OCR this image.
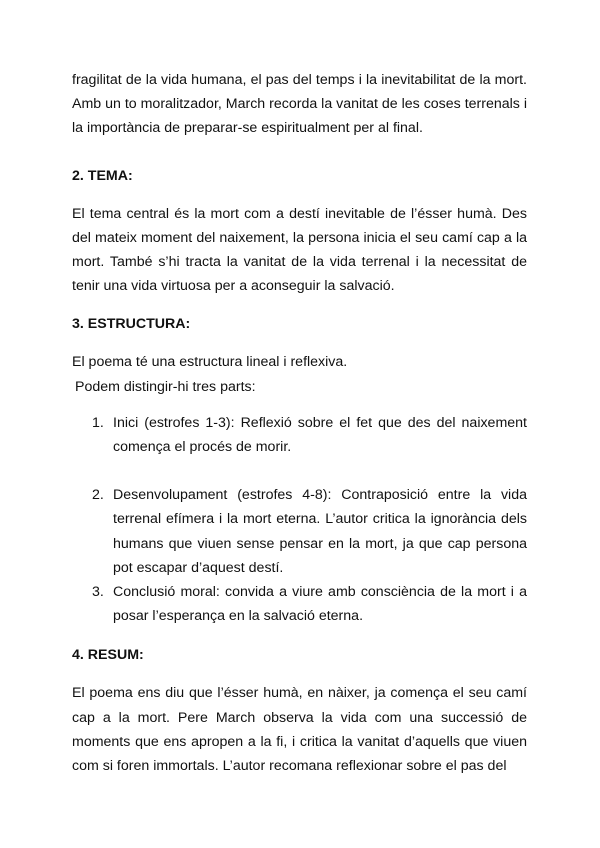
fragilitat de la vida humana, el pas del temps i la inevitabilitat de la mort. Amb un to moralitzador, March recorda la vanitat de les coses terrenals i la importància de preparar-se espiritualment per al final.

2. TEMA:

El tema central és la mort com a destí inevitable de l’ésser humà. Des del mateix moment del naixement, la persona inicia el seu camí cap a la mort. També s’hi tracta la vanitat de la vida terrenal i la necessitat de tenir una vida virtuosa per a aconseguir la salvació.

3. ESTRUCTURA:

El poema té una estructura lineal i reflexiva.

Podem distingir-hi tres parts:

1. Inici (estrofes 1-3): Reflexió sobre el fet que des del naixement comença el procés de morir.
2. Desenvolupament (estrofes 4-8): Contraposició entre la vida terrenal efímera i la mort eterna. L’autor critica la ignorància dels humans que viuen sense pensar en la mort, ja que cap persona pot escapar d’aquest destí.
3. Conclusió moral: convida a viure amb consciència de la mort i a posar l’esperança en la salvació eterna.
4. RESUM:

El poema ens diu que l’ésser humà, en nàixer, ja comença el seu camí cap a la mort. Pere March observa la vida com una successió de moments que ens apropen a la fi, i critica la vanitat d’aquells que viuen com si foren immortals. L’autor recomana reflexionar sobre el pas del
